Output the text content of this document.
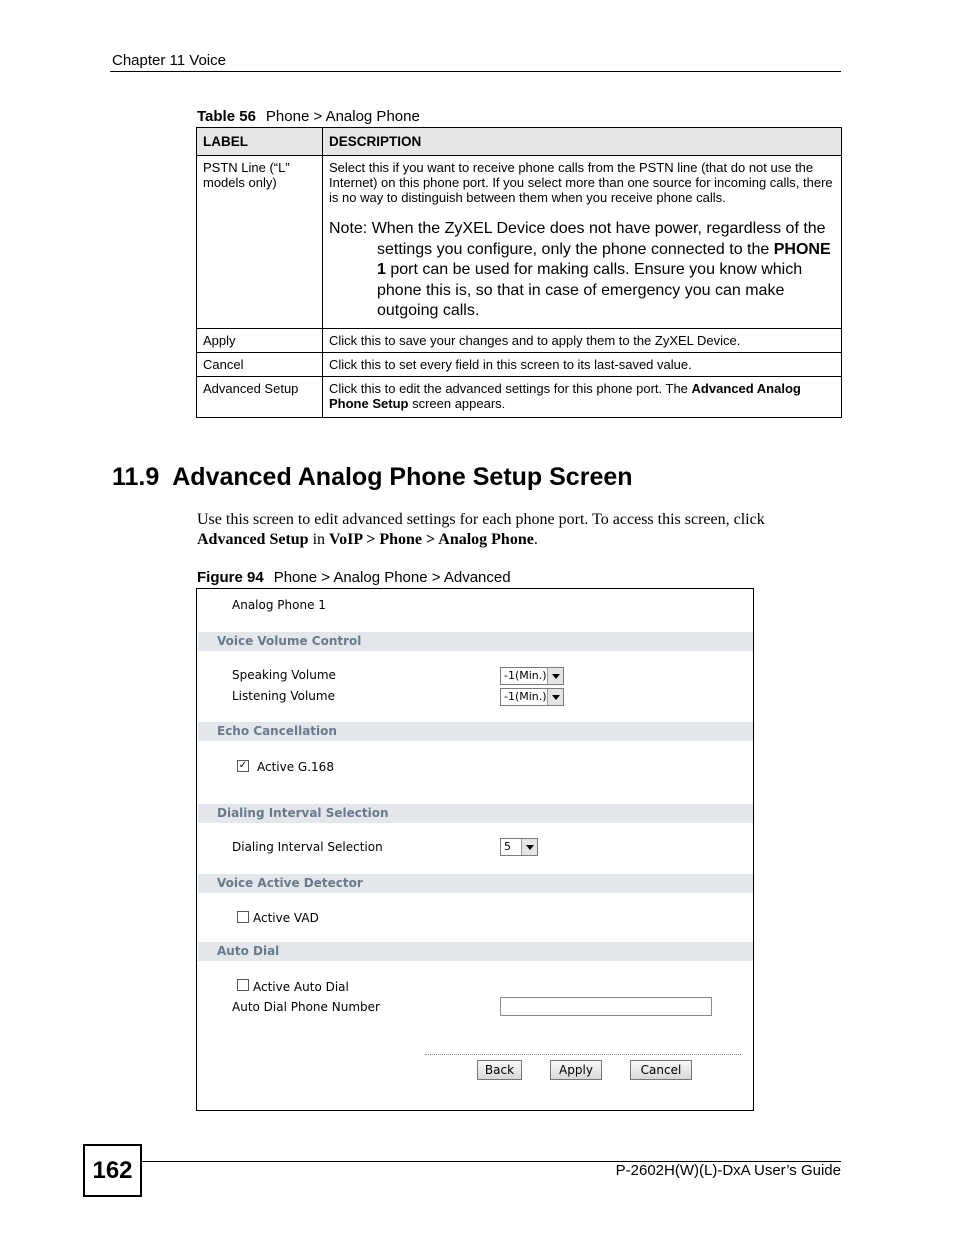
Chapter 11 Voice
Table 56 Phone > Analog Phone
LABEL	DESCRIPTION
PSTN Line (“L” models only)	Select this if you want to receive phone calls from the PSTN line (that do not use the Internet) on this phone port. If you select more than one source for incoming calls, there is no way to distinguish between them when you receive phone calls.
Note: When the ZyXEL Device does not have power, regardless of the settings you configure, only the phone connected to the PHONE 1 port can be used for making calls. Ensure you know which phone this is, so that in case of emergency you can make outgoing calls.

Apply	Click this to save your changes and to apply them to the ZyXEL Device.
Cancel	Click this to set every field in this screen to its last-saved value.
Advanced Setup	Click this to edit the advanced settings for this phone port. The Advanced Analog Phone Setup screen appears.
11.9  Advanced Analog Phone Setup Screen
Use this screen to edit advanced settings for each phone port. To access this screen, click Advanced Setup in VoIP > Phone > Analog Phone.
Figure 94 Phone > Analog Phone > Advanced
Analog Phone 1
Voice Volume Control
Speaking Volume	-1(Min.)
Listening Volume	-1(Min.)
Echo Cancellation
✓ Active G.168
Dialing Interval Selection
Dialing Interval Selection	5
Voice Active Detector
Active VAD
Auto Dial
Active Auto Dial
Auto Dial Phone Number
Back	Apply	Cancel
162	P-2602H(W)(L)-DxA User’s Guide
